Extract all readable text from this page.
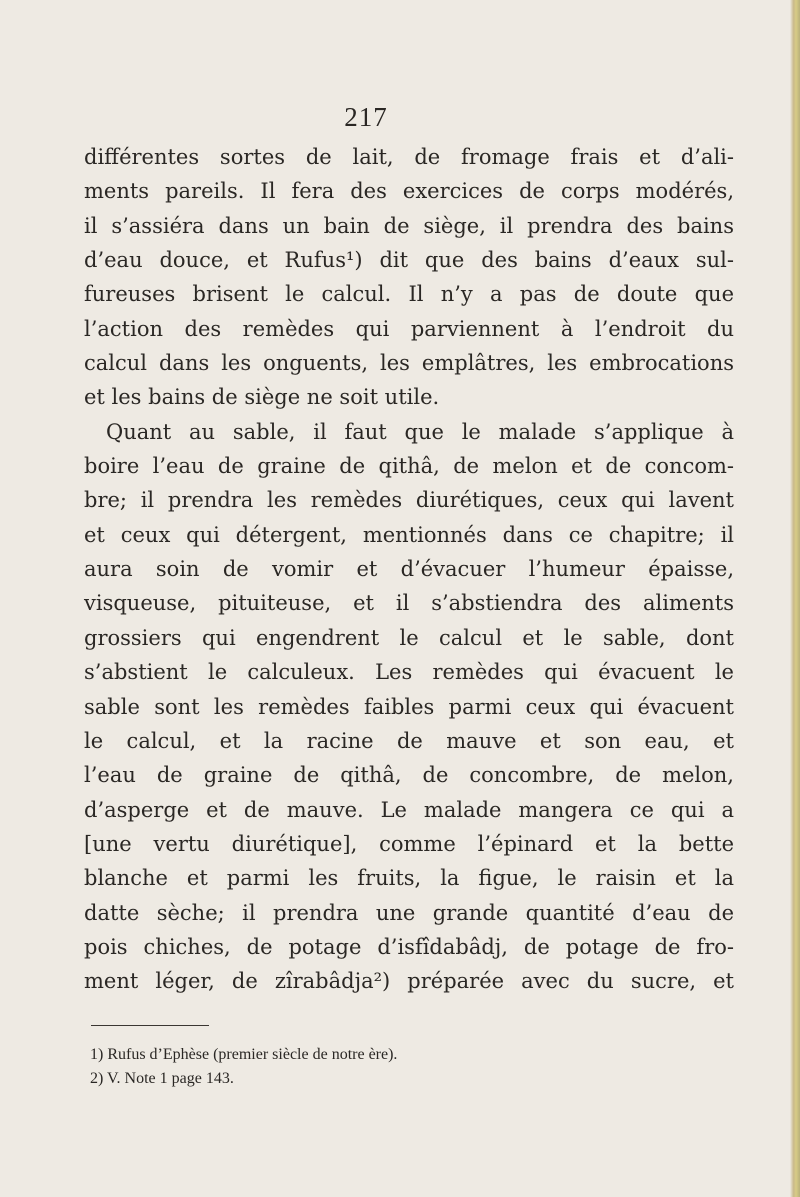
217
différentes sortes de lait, de fromage frais et d’ali-
ments pareils. Il fera des exercices de corps modérés,
il s’assiéra dans un bain de siège, il prendra des bains
d’eau douce, et Rufus¹) dit que des bains d’eaux sul-
fureuses brisent le calcul. Il n’y a pas de doute que
l’action des remèdes qui parviennent à l’endroit du
calcul dans les onguents, les emplâtres, les embrocations
et les bains de siège ne soit utile.
Quant au sable, il faut que le malade s’applique à
boire l’eau de graine de qithâ, de melon et de concom-
bre; il prendra les remèdes diurétiques, ceux qui lavent
et ceux qui détergent, mentionnés dans ce chapitre; il
aura soin de vomir et d’évacuer l’humeur épaisse,
visqueuse, pituiteuse, et il s’abstiendra des aliments
grossiers qui engendrent le calcul et le sable, dont
s’abstient le calculeux. Les remèdes qui évacuent le
sable sont les remèdes faibles parmi ceux qui évacuent
le calcul, et la racine de mauve et son eau, et
l’eau de graine de qithâ, de concombre, de melon,
d’asperge et de mauve. Le malade mangera ce qui a
[une vertu diurétique], comme l’épinard et la bette
blanche et parmi les fruits, la figue, le raisin et la
datte sèche; il prendra une grande quantité d’eau de
pois chiches, de potage d’isfîdabâdj, de potage de fro-
ment léger, de zîrabâdja²) préparée avec du sucre, et
1) Rufus d’Ephèse (premier siècle de notre ère).
2) V. Note 1 page 143.
